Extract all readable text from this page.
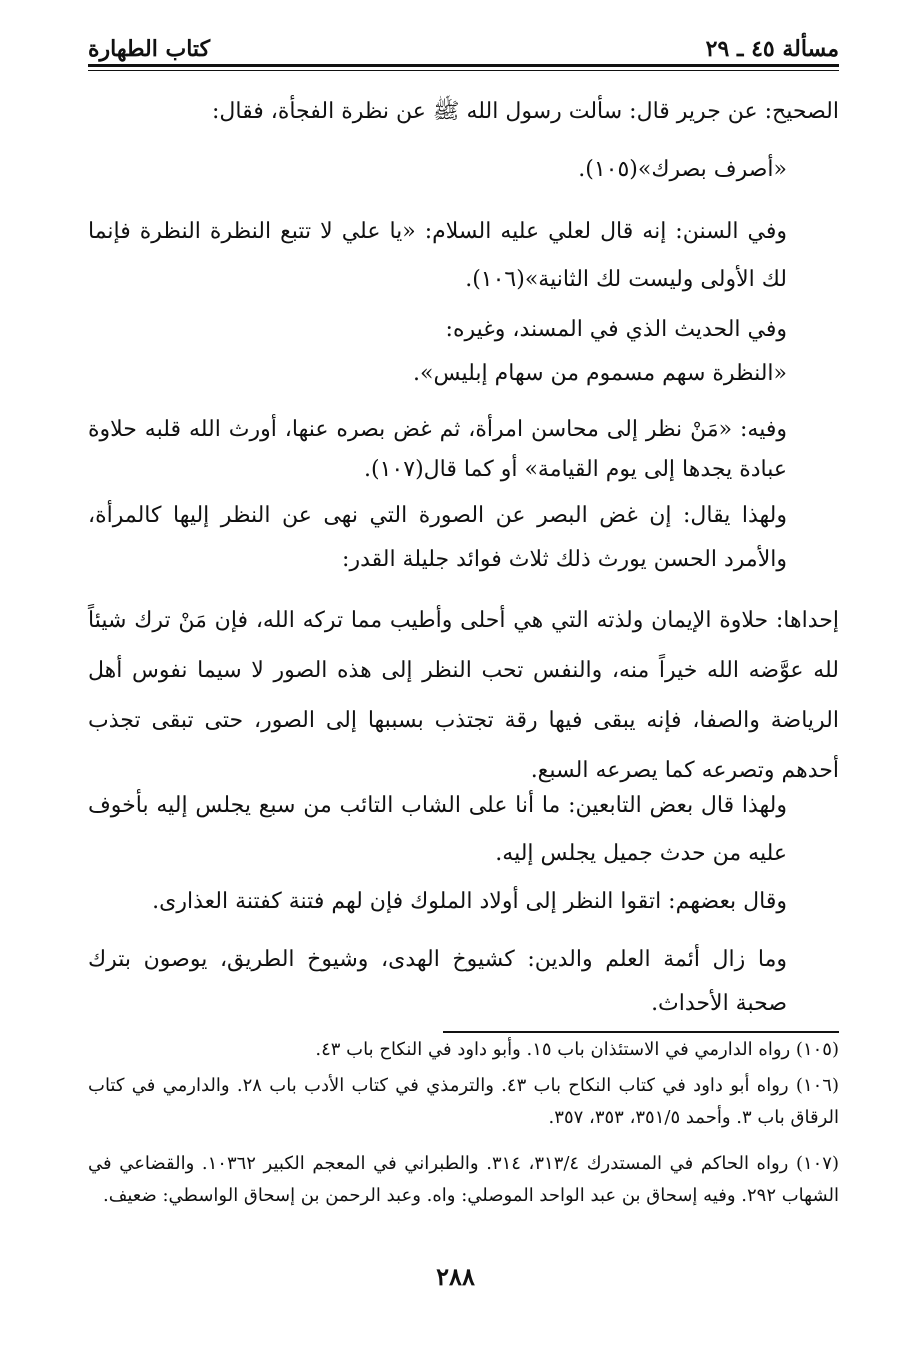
مسألة ٤٥ ـ ٢٩
كتاب الطهارة

الصحيح: عن جرير قال: سألت رسول الله ﷺ عن نظرة الفجأة، فقال:

«أصرف بصرك»(١٠٥).

وفي السنن: إنه قال لعلي عليه السلام: «يا علي لا تتبع النظرة النظرة فإنما لك الأولى وليست لك الثانية»(١٠٦).

وفي الحديث الذي في المسند، وغيره:

«النظرة سهم مسموم من سهام إبليس».

وفيه: «مَنْ نظر إلى محاسن امرأة، ثم غض بصره عنها، أورث الله قلبه حلاوة عبادة يجدها إلى يوم القيامة» أو كما قال(١٠٧).

ولهذا يقال: إن غض البصر عن الصورة التي نهى عن النظر إليها كالمرأة، والأمرد الحسن يورث ذلك ثلاث فوائد جليلة القدر:

إحداها: حلاوة الإيمان ولذته التي هي أحلى وأطيب مما تركه الله، فإن مَنْ ترك شيئاً لله عوَّضه الله خيراً منه، والنفس تحب النظر إلى هذه الصور لا سيما نفوس أهل الرياضة والصفا، فإنه يبقى فيها رقة تجتذب بسببها إلى الصور، حتى تبقى تجذب أحدهم وتصرعه كما يصرعه السبع.

ولهذا قال بعض التابعين: ما أنا على الشاب التائب من سبع يجلس إليه بأخوف عليه من حدث جميل يجلس إليه.

وقال بعضهم: اتقوا النظر إلى أولاد الملوك فإن لهم فتنة كفتنة العذارى.

وما زال أئمة العلم والدين: كشيوخ الهدى، وشيوخ الطريق، يوصون بترك صحبة الأحداث.

(١٠٥) رواه الدارمي في الاستئذان باب ١٥. وأبو داود في النكاح باب ٤٣.

(١٠٦) رواه أبو داود في كتاب النكاح باب ٤٣. والترمذي في كتاب الأدب باب ٢٨. والدارمي في كتاب الرقاق باب ٣. وأحمد ٣٥١/٥، ٣٥٣، ٣٥٧.

(١٠٧) رواه الحاكم في المستدرك ٣١٣/٤، ٣١٤. والطبراني في المعجم الكبير ١٠٣٦٢. والقضاعي في الشهاب ٢٩٢. وفيه إسحاق بن عبد الواحد الموصلي: واه. وعبد الرحمن بن إسحاق الواسطي: ضعيف.

٢٨٨
